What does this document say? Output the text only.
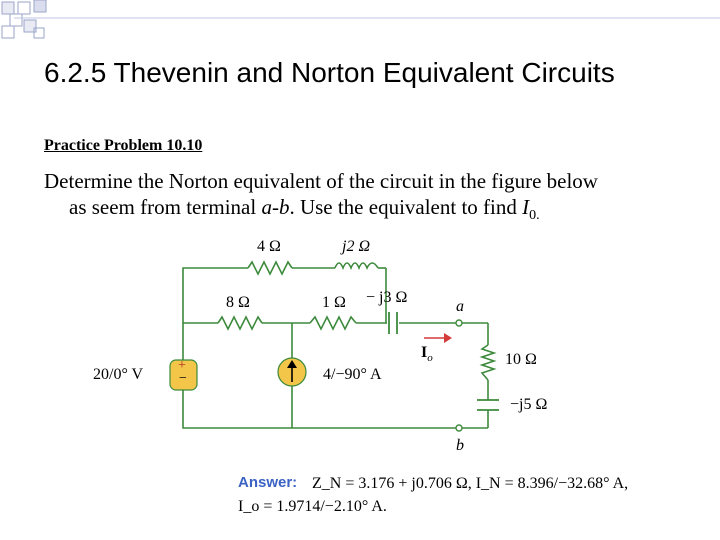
6.2.5 Thevenin and Norton Equivalent Circuits
Practice Problem 10.10
Determine the Norton equivalent of the circuit in the figure below
as seem from terminal a-b. Use the equivalent to find $I_{0.}$
4 Ω	j2 Ω
8 Ω	1 Ω − j3 Ω
a
b
20/0° V
+
−	4/−90° A
$I_o$	10 Ω
−j5 Ω
Answer: Z_N = 3.176 + j0.706 Ω, I_N = 8.396/−32.68° A,
I_o = 1.9714/−2.10° A.
